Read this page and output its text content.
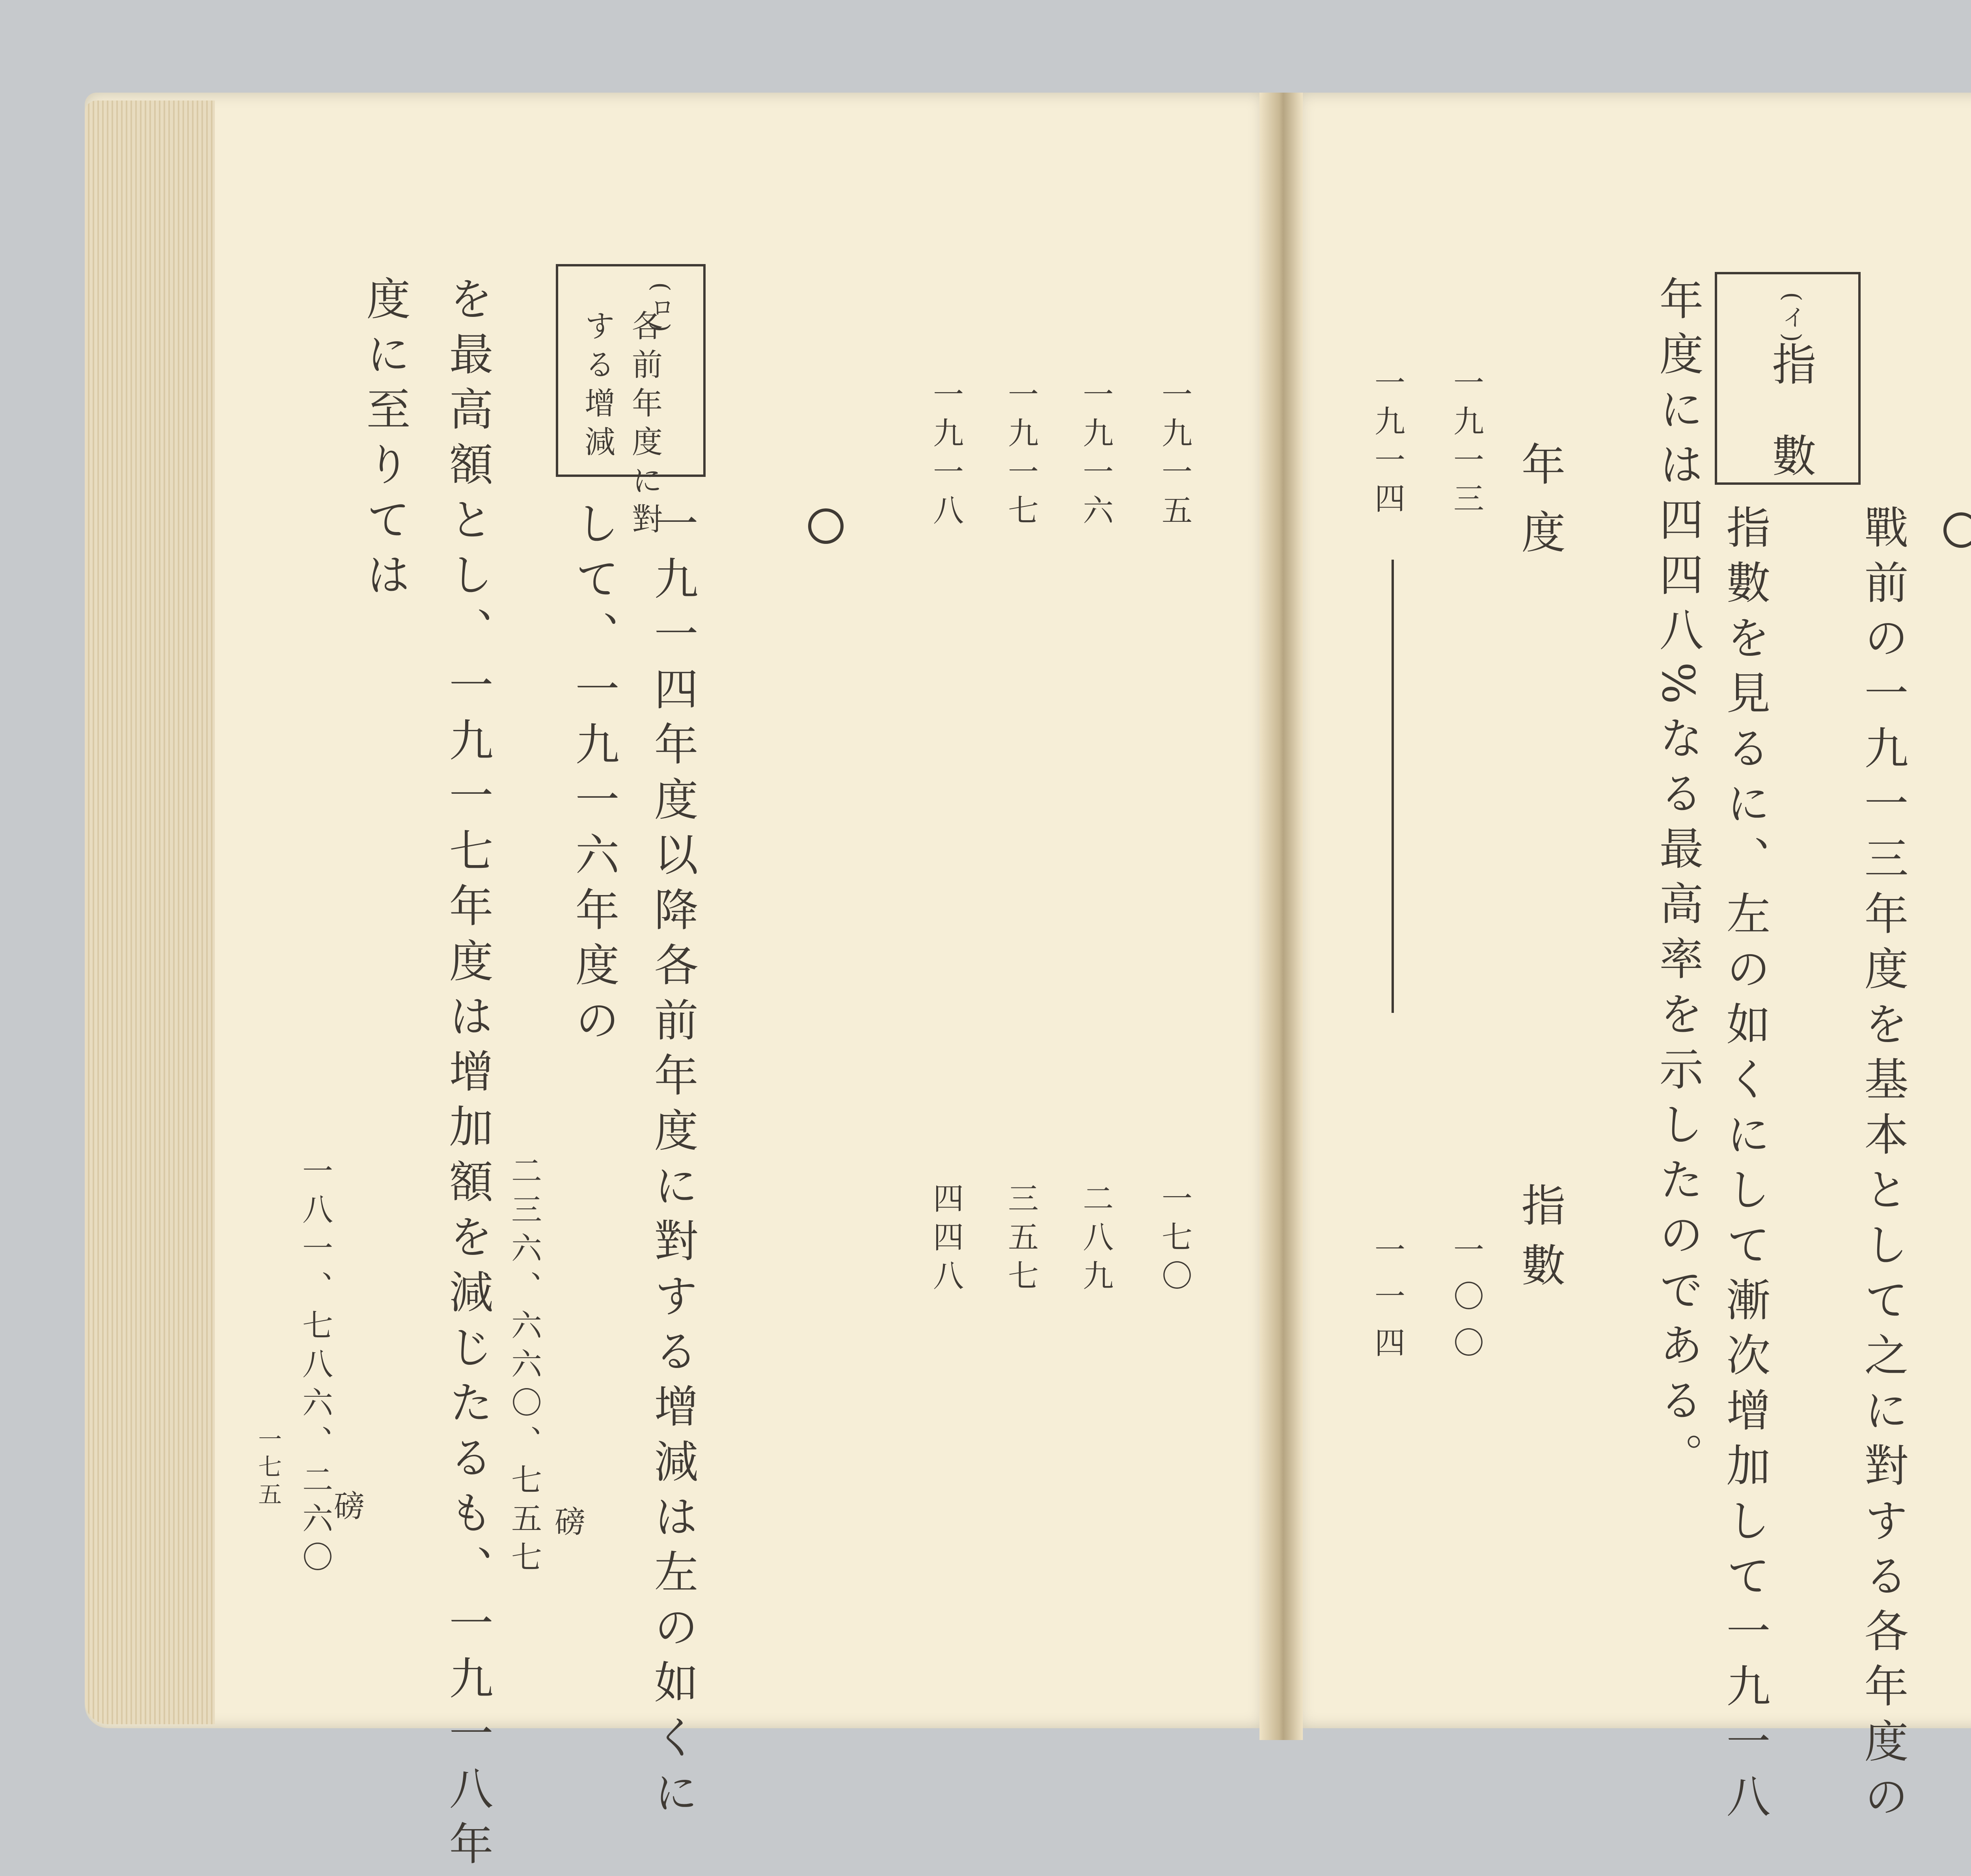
(イ)
指數
戰前の一九一三年度を基本として之に對する各年度の
指數を見るに、左の如くにして漸次增加して一九一八
年度には四四八%なる最高率を示したのである。
年度
指數
一九一三
一〇〇
一九一四
一一四

一九一五
一七〇
一九一六
二八九
一九一七
三五七
一九一八
四四八
(ロ)
各前年度に對
する增減
一九一四年度以降各前年度に對する增減は左の如くに
して、一九一六年度の
を最高額とし、一九一七年度は增加額を減じたるも、一九一八年
度に至りては
二三六、六六〇、七五七 磅
一八一、七八六、二六〇
磅
一七五
